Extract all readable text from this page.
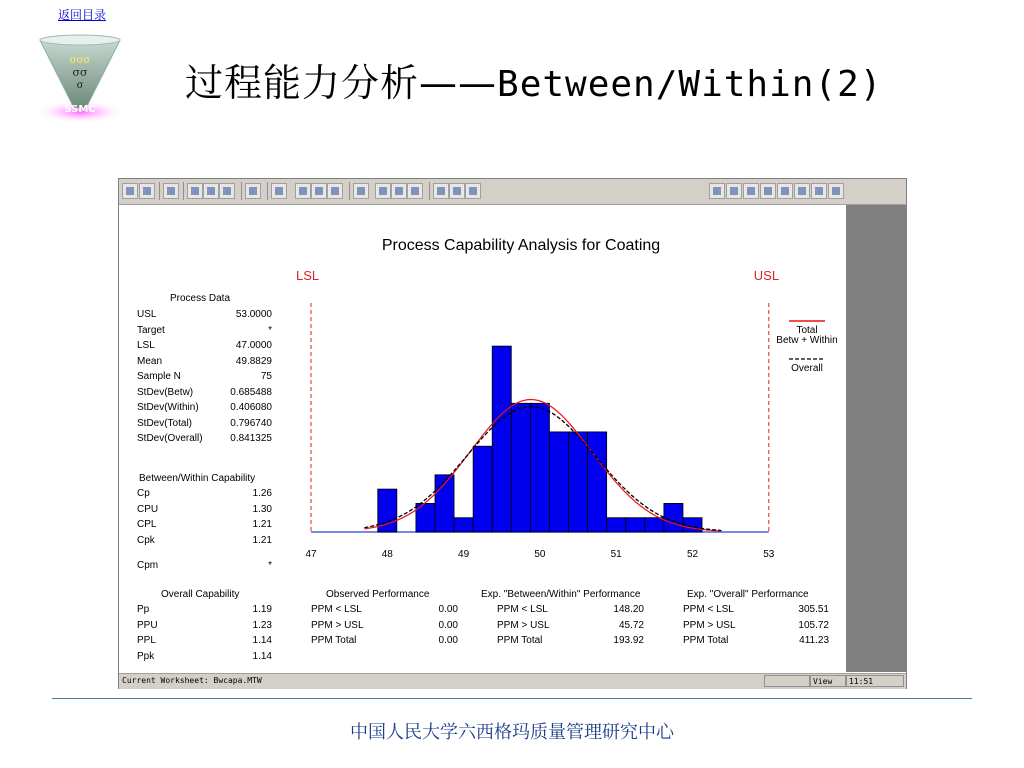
返回目录
σσσ
σσ
σ
SSMC
过程能力分析——Between/Within(2)
Process Capability Analysis for Coating
LSL	USL
47	48	49	50	51	52	53
Total
Betw + Within
Overall
Process Data
USL	53.0000
Target	*
LSL	47.0000
Mean	49.8829
Sample N	75
StDev(Betw)	0.685488
StDev(Within)	0.406080
StDev(Total)	0.796740
StDev(Overall)	0.841325
Between/Within Capability
Cp	1.26
CPU	1.30
CPL	1.21
Cpk	1.21
Cpm	*
Overall Capability
Pp	1.19
PPU	1.23
PPL	1.14
Ppk	1.14
Observed Performance
PPM < LSL	0.00
PPM > USL	0.00
PPM Total	0.00
Exp. "Between/Within" Performance
PPM < LSL	148.20
PPM > USL	45.72
PPM Total	193.92
Exp. "Overall" Performance
PPM < LSL	305.51
PPM > USL	105.72
PPM Total	411.23
Current Worksheet: Bwcapa.MTW	View	11:51
中国人民大学六西格玛质量管理研究中心
